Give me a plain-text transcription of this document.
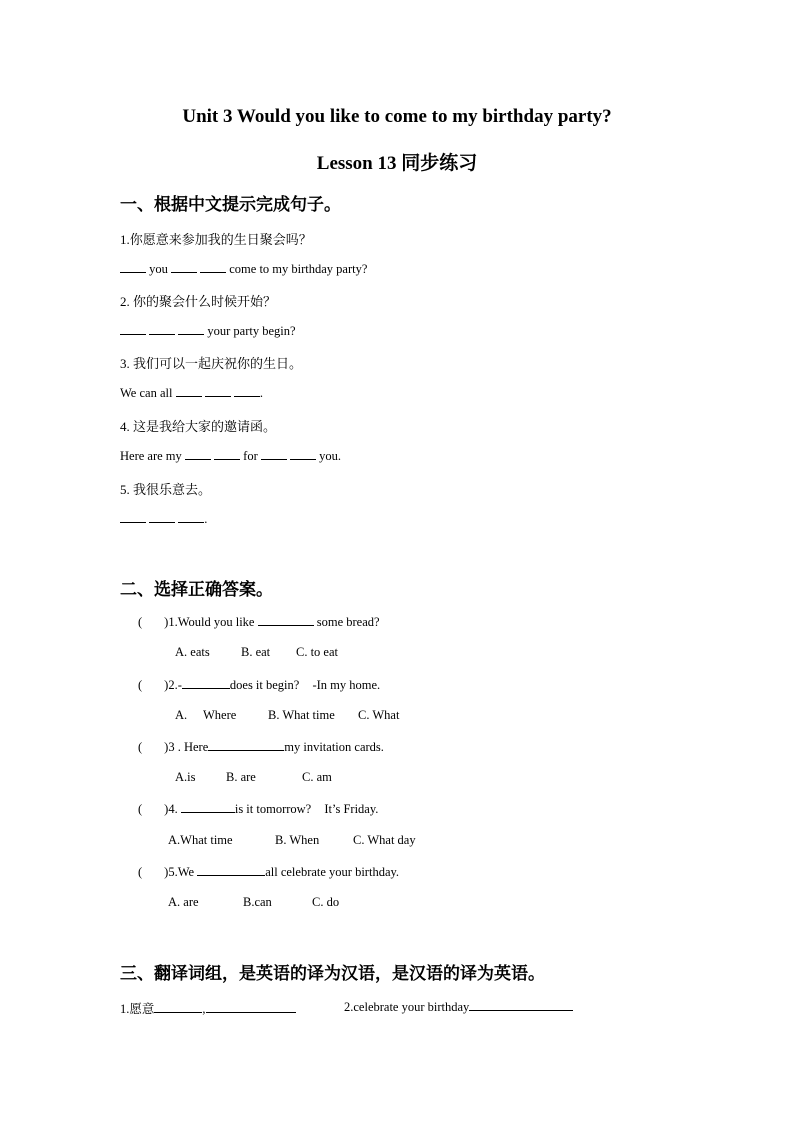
Unit 3 Would you like to come to my birthday party?
Lesson 13 同步练习
一、根据中文提示完成句子。
1.你愿意来参加我的生日聚会吗？
you	come to my birthday party?
2. 你的聚会什么时候开始？
your party begin?
3. 我们可以一起庆祝你的生日。
We can all	.
4. 这是我给大家的邀请函。
Here are my	for	you.
5. 我很乐意去。
.
二、选择正确答案。
( )1.Would you like	some bread?
A. eats	B. eat C. to eat
( )2.-	does it begin? -In my home.
A. Where	B. What time C. What
( )3 . Here	my invitation cards.
A.is B. are	C. am
( )4.	is it tomorrow? It’s Friday.
A.What time	B. When	C. What day
( )5.We	all celebrate your birthday.
A. are	B.can	C. do
三、翻译词组，是英语的译为汉语，是汉语的译为英语。
1.愿意	,	2.celebrate your birthday
